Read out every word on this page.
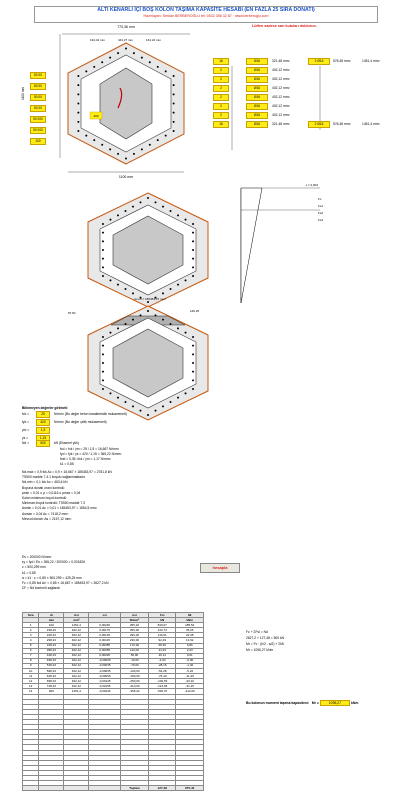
ALTI KENARLI İÇİ BOŞ KOLON TAŞIMA KAPASİTE HESABI (EN FAZLA 25 SIRA DONATI)
Hazırlayan: Serkan BERBEROĞLU tel: 0532 356 32 87 · www.berberoglu.com
Lütfen sadece sarı kutuları doldurun.
200
770,36 mm
194,44 mm	444,27 mm	164,24 mm
1100 mm
1100 mm
ε = 0,003
Fc
Fs1
Fs2
Fs3
Ac,eff = 185453,97 mm²
87,82	160,25
16	Ø16	321,48 mm²	2 Ø16	576,48 mm²	1451,4 mm²
2	Ø16	402,12 mm²
2	Ø16	402,12 mm²
2	Ø16	402,12 mm²
2	Ø16	402,12 mm²
2	Ø16	402,12 mm²
2	Ø16	402,12 mm²
16	Ø16	321,48 mm²	2 Ø16	576,48 mm²	1451,4 mm²
50 00
60 00
50 00
50 00
50 000
50 000
100
Bilinmeyen değerler girilmeli:
fck =	25	N/mm² (Bu değer beton karakteristik mukavemeti)
fyk =	420	N/mm² (Bu değer çelik mukavemeti)
γm =	1,5
γs =	1,15
Nd =	500	kN (Eksenel yük)
fcd = fck / γm = 25 / 1,5 = 16,667 N/mm²
fyd = fyk / γs = 420 / 1,15 = 365,22 N/mm²
fctd = 0,35 √fck / γm = 1,17 N/mm²
k1 = 0,85
Nd,max = 0,9 fck Ac = 0,9 × 16,667 × 185453,97 = 2781,8 kN
TS500 madde 7.4.1 koşulu sağlanmaktadır.
Nd,min = 0,1 fck Ac = 463,6 kN
Boyuna donatı oranı kontrolü
ρmin = 0,01 ≤ ρ = 0,0116 ≤ ρmax = 0,04
Kolon minimum boyut kontrolü
Minimum boyut kontrolü: TS500 madde 7.3
Asmin = 0,01 Ac = 0,01 × 185453,97 = 1854,5 mm²
Asmax = 0,04 Ac = 7418,2 mm²
Mevcut donatı: As = 2157,12 mm²
Es = 200000 N/mm²
εy = fyd / Es = 365,22 / 200000 = 0,001826
c = 500,299 mm
k1 = 0,85
a = k1 · c = 0,85 × 500,299 = 425,25 mm
Fc = 0,85 fcd Ac' = 0,85 × 16,667 × 185453,97 = 2627,2 kN
ΣF = Nd kontrolü sağlandı
hesapla
Sıra	di	Asi	εsi	σsi	Fsi	Mi
	mm	mm²		N/mm²	kN	kNm
1	100	1451,4	0,00246	365,22	530,07	185,52
2	198,23	402,12	0,00175	350,00	140,74	35,26
3	248,23	402,12	0,00145	290,00	116,61	23,38
4	298,23	402,12	0,00115	230,00	92,49	13,92
5	348,23	402,12	0,00085	170,00	68,36	6,86
6	398,23	402,12	0,00055	110,00	44,23	2,23
7	448,23	402,12	0,00025	50,00	20,11	0,01
8	498,23	402,12	-0,00005	-10,00	-4,02	-0,00
9	548,23	402,12	-0,00035	-70,00	-28,15	-1,40
10	598,23	402,12	-0,00065	-130,00	-52,28	-5,22
11	648,23	402,12	-0,00095	-190,00	-76,40	-11,45
12	698,23	402,12	-0,00125	-250,00	-100,53	-20,10
13	748,23	402,12	-0,00155	-310,00	-124,66	-31,15
14	900	1451,4	-0,00246	-365,22	-530,07	-212,00

				Toplam	127,48	675,42
Fc + ΣFsi = Nd
2627,2 + 127,48 ≈ 500 kN
Mr = Fc · (h/2 - a/2) + ΣMi
Mr = 1096,27 kNm
Bu kolonun moment taşıma kapasitesi: Mr =	1096,27	kNm
